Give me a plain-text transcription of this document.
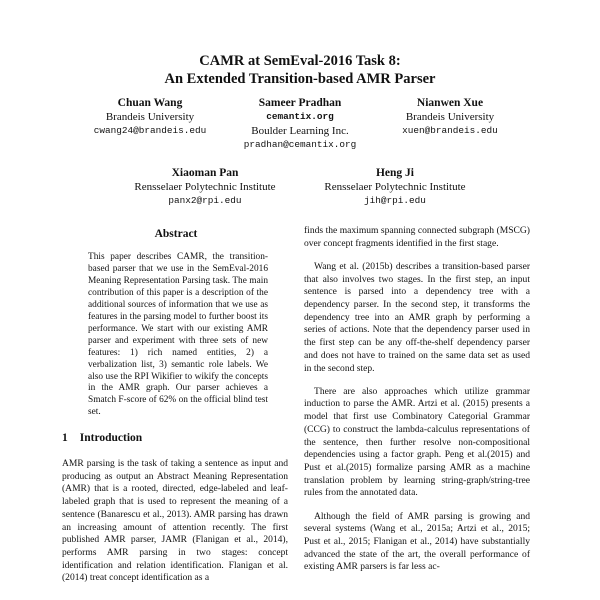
CAMR at SemEval-2016 Task 8:
An Extended Transition-based AMR Parser
Chuan Wang
Brandeis University
cwang24@brandeis.edu
Sameer Pradhan
cemantix.org
Boulder Learning Inc.
pradhan@cemantix.org
Nianwen Xue
Brandeis University
xuen@brandeis.edu
Xiaoman Pan
Rensselaer Polytechnic Institute
panx2@rpi.edu
Heng Ji
Rensselaer Polytechnic Institute
jih@rpi.edu
Abstract
This paper describes CAMR, the transition-based parser that we use in the SemEval-2016 Meaning Representation Parsing task. The main contribution of this paper is a description of the additional sources of information that we use as features in the parsing model to further boost its performance. We start with our existing AMR parser and experiment with three sets of new features: 1) rich named entities, 2) a verbalization list, 3) semantic role labels. We also use the RPI Wikifier to wikify the concepts in the AMR graph. Our parser achieves a Smatch F-score of 62% on the official blind test set.
1 Introduction

AMR parsing is the task of taking a sentence as input and producing as output an Abstract Meaning Representation (AMR) that is a rooted, directed, edge-labeled and leaf-labeled graph that is used to represent the meaning of a sentence (Banarescu et al., 2013). AMR parsing has drawn an increasing amount of attention recently. The first published AMR parser, JAMR (Flanigan et al., 2014), performs AMR parsing in two stages: concept identification and relation identification. Flanigan et al. (2014) treat concept identification as a

finds the maximum spanning connected subgraph (MSCG) over concept fragments identified in the first stage.

Wang et al. (2015b) describes a transition-based parser that also involves two stages. In the first step, an input sentence is parsed into a dependency tree with a dependency parser. In the second step, it transforms the dependency tree into an AMR graph by performing a series of actions. Note that the dependency parser used in the first step can be any off-the-shelf dependency parser and does not have to trained on the same data set as used in the second step.

There are also approaches which utilize grammar induction to parse the AMR. Artzi et al. (2015) presents a model that first use Combinatory Categorial Grammar (CCG) to construct the lambda-calculus representations of the sentence, then further resolve non-compositional dependencies using a factor graph. Peng et al.(2015) and Pust et al.(2015) formalize parsing AMR as a machine translation problem by learning string-graph/string-tree rules from the annotated data.

Although the field of AMR parsing is growing and several systems (Wang et al., 2015a; Artzi et al., 2015; Pust et al., 2015; Flanigan et al., 2014) have substantially advanced the state of the art, the overall performance of existing AMR parsers is far less ac-
